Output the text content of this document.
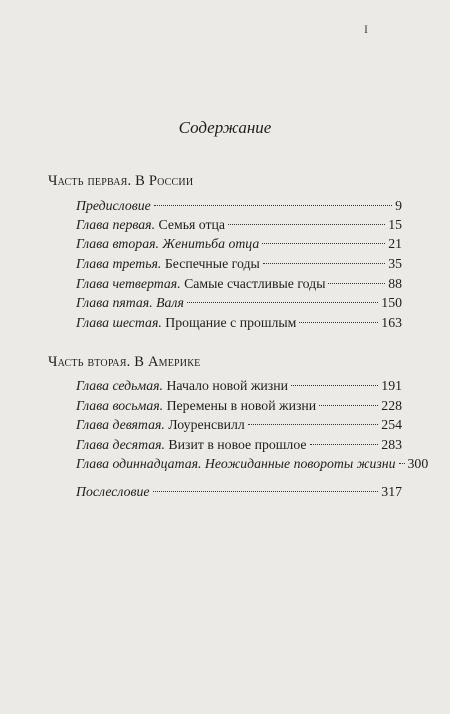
I
Содержание
Часть первая. В России
Предисловие	9
Глава первая. Семья отца	15
Глава вторая. Женитьба отца	21
Глава третья. Беспечные годы	35
Глава четвертая. Самые счастливые годы	88
Глава пятая. Валя	150
Глава шестая. Прощание с прошлым	163
Часть вторая. В Америке
Глава седьмая. Начало новой жизни	191
Глава восьмая. Перемены в новой жизни	228
Глава девятая. Лоуренсвилл	254
Глава десятая. Визит в новое прошлое	283
Глава одиннадцатая. Неожиданные повороты жизни 300
Послесловие	317
